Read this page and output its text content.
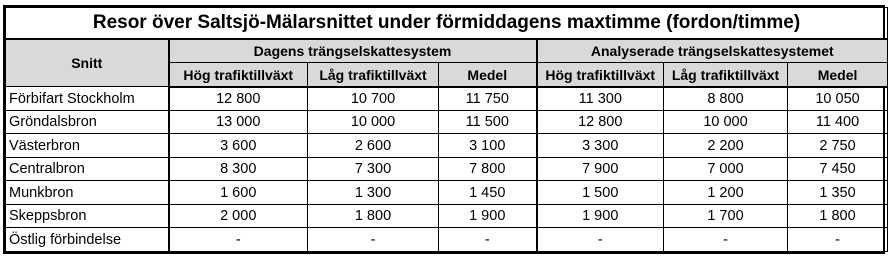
Resor över Saltsjö-Mälarsnittet under förmiddagens maxtimme (fordon/timme)						
Snitt	Dagens trängselskattesystem			Analyserade trängselskattesystemet		
	Hög trafiktillväxt	Låg trafiktillväxt	Medel	Hög trafiktillväxt	Låg trafiktillväxt	Medel
Förbifart Stockholm	12 800	10 700	11 750	11 300	8 800	10 050
Gröndalsbron	13 000	10 000	11 500	12 800	10 000	11 400
Västerbron	3 600	2 600	3 100	3 300	2 200	2 750
Centralbron	8 300	7 300	7 800	7 900	7 000	7 450
Munkbron	1 600	1 300	1 450	1 500	1 200	1 350
Skeppsbron	2 000	1 800	1 900	1 900	1 700	1 800
Östlig förbindelse	-	-	-	-	-	-
